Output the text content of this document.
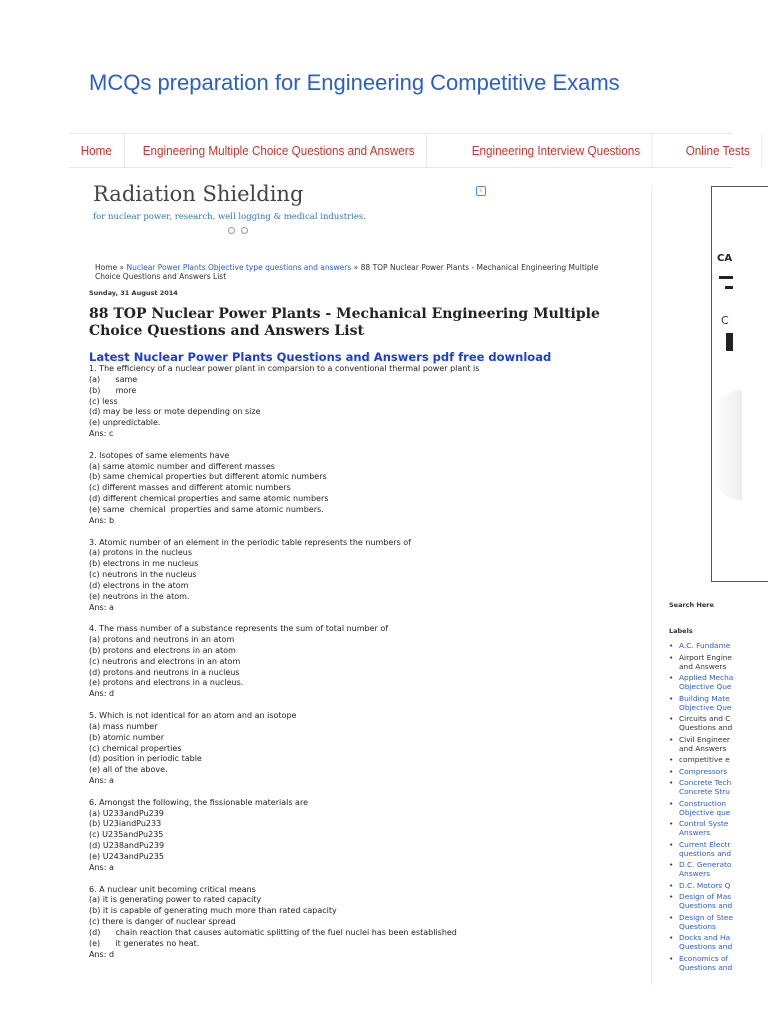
MCQs preparation for Engineering Competitive Exams
Home	Engineering Multiple Choice Questions and Answers	Engineering Interview Questions	Online Tests
Radiation Shielding
for nuclear power, research, well logging & medical industries.
i
Home » Nuclear Power Plants Objective type questions and answers » 88 TOP Nuclear Power Plants - Mechanical Engineering Multiple Choice Questions and Answers List
Sunday, 31 August 2014
88 TOP Nuclear Power Plants - Mechanical Engineering Multiple Choice Questions and Answers List
Latest Nuclear Power Plants Questions and Answers pdf free download
1. The efficiency of a nuclear power plant in comparsion to a conventional thermal power plant is
(a)      same
(b)      more
(c) less
(d) may be less or mote depending on size
(e) unpredictable.
Ans: c

2. Isotopes of same elements have
(a) same atomic number and different masses
(b) same chemical properties but different atomic numbers
(c) different masses and different atomic numbers
(d) different chemical properties and same atomic numbers
(e) same  chemical  properties and same atomic numbers.
Ans: b

3. Atomic number of an element in the periodic table represents the numbers of
(a) protons in the nucleus
(b) electrons in me nucleus
(c) neutrons in the nucleus
(d) electrons in the atom
(e) neutrons in the atom.
Ans: a

4. The mass number of a substance represents the sum of total number of
(a) protons and neutrons in an atom
(b) protons and electrons in an atom
(c) neutrons and electrons in an atom
(d) protons and neutrons in a nucleus
(e) protons and electrons in a nucleus.
Ans: d

5. Which is not identical for an atom and an isotope
(a) mass number
(b) atomic number
(c) chemical properties
(d) position in periodic table
(e) all of the above.
Ans: a

6. Amongst the following, the fissionable materials are
(a) U233andPu239
(b) U23iandPu233
(c) U235andPu235
(d) U238andPu239
(e) U243andPu235
Ans: a

6. A nuclear unit becoming critical means
(a) it is generating power to rated capacity
(b) it is capable of generating much more than rated capacity
(c) there is danger of nuclear spread
(d)      chain reaction that causes automatic splitting of the fuel nuclei has been established
(e)      it generates no heat.
Ans: d
CA
C
Search Here
Labels
• A.C. Fundame
• Airport Engine
and Answers
• Applied Mecha
Objective Que
• Building Mate
Objective Que
• Circuits and C
Questions and
• Civil Engineer
and Answers
• competitive e
• Compressors
• Concrete Tech
Concrete Stru
• Construction
Objective que
• Control Syste
Answers
• Current Electr
questions and
• D.C. Generato
Answers
• D.C. Motors Q
• Design of Mas
Questions and
• Design of Stee
Questions
• Docks and Ha
Questions and
• Economics of
Questions and
